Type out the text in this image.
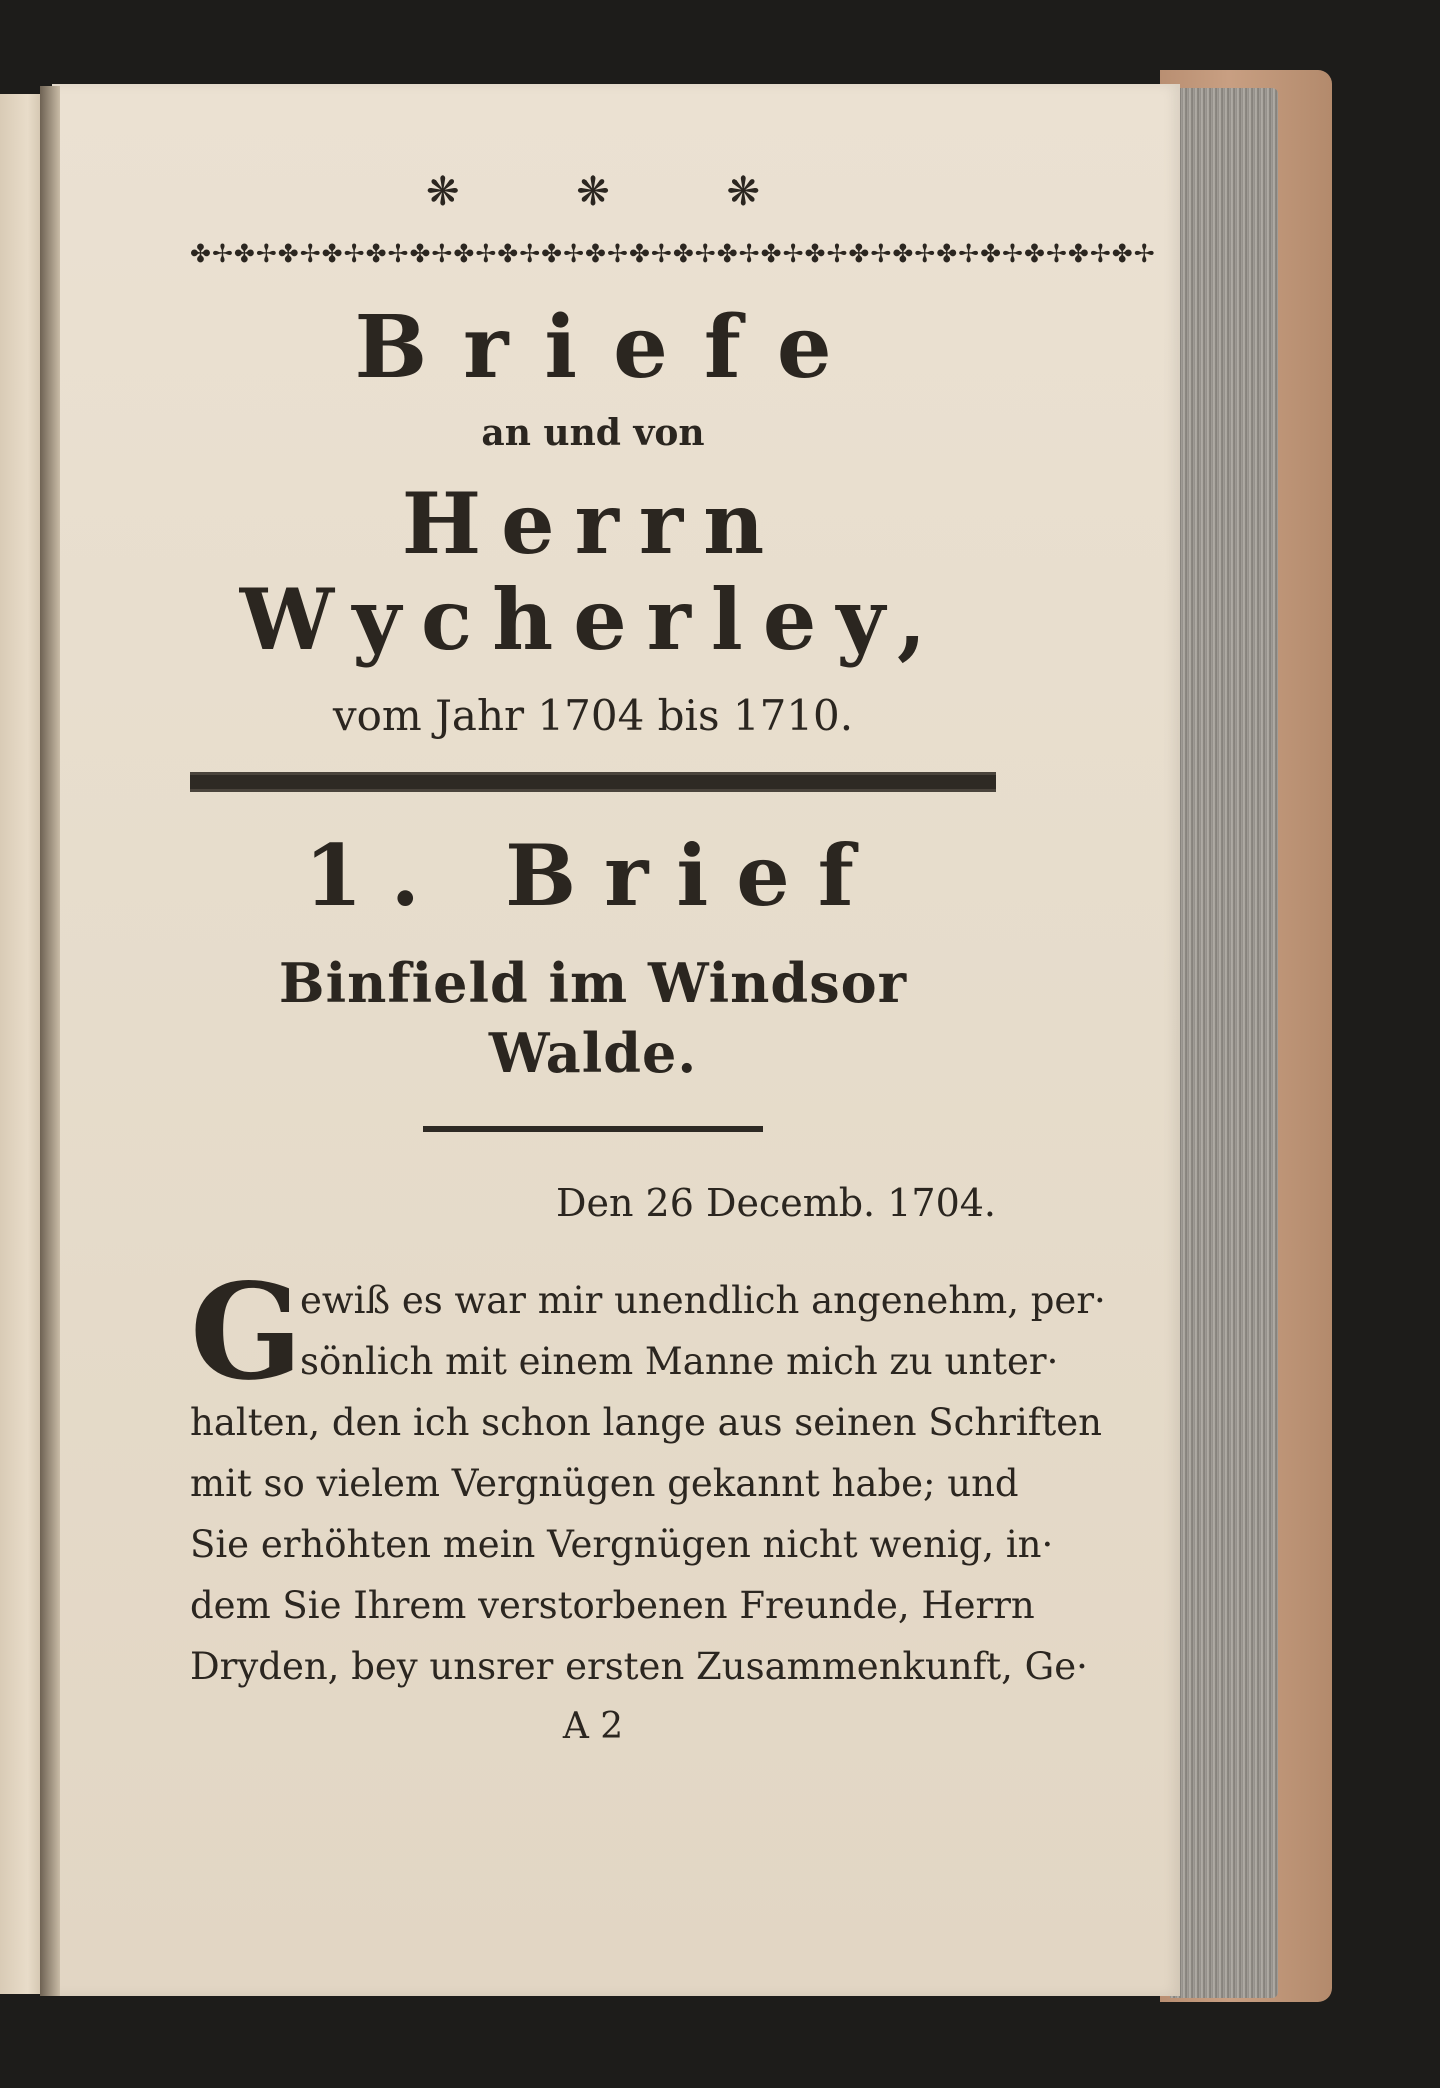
❋ ❋ ❋
✤✢✤✢✤✢✤✢✤✢✤✢✤✢✤✢✤✢✤✢✤✢✤✢✤✢✤✢✤✢✤✢✤✢✤✢✤✢✤✢✤✢✤✢
Briefe
an und von
Herrn Wycherley,
vom Jahr 1704 bis 1710.
1. Brief
Binfield im Windsor Walde.
Den 26 Decemb. 1704.
G
ewiß es war mir unendlich angenehm, per·
sönlich mit einem Manne mich zu unter·
halten, den ich schon lange aus seinen Schriften
mit so vielem Vergnügen gekannt habe; und
Sie erhöhten mein Vergnügen nicht wenig, in·
dem Sie Ihrem verstorbenen Freunde, Herrn
Dryden, bey unsrer ersten Zusammenkunft, Ge·
A 2
